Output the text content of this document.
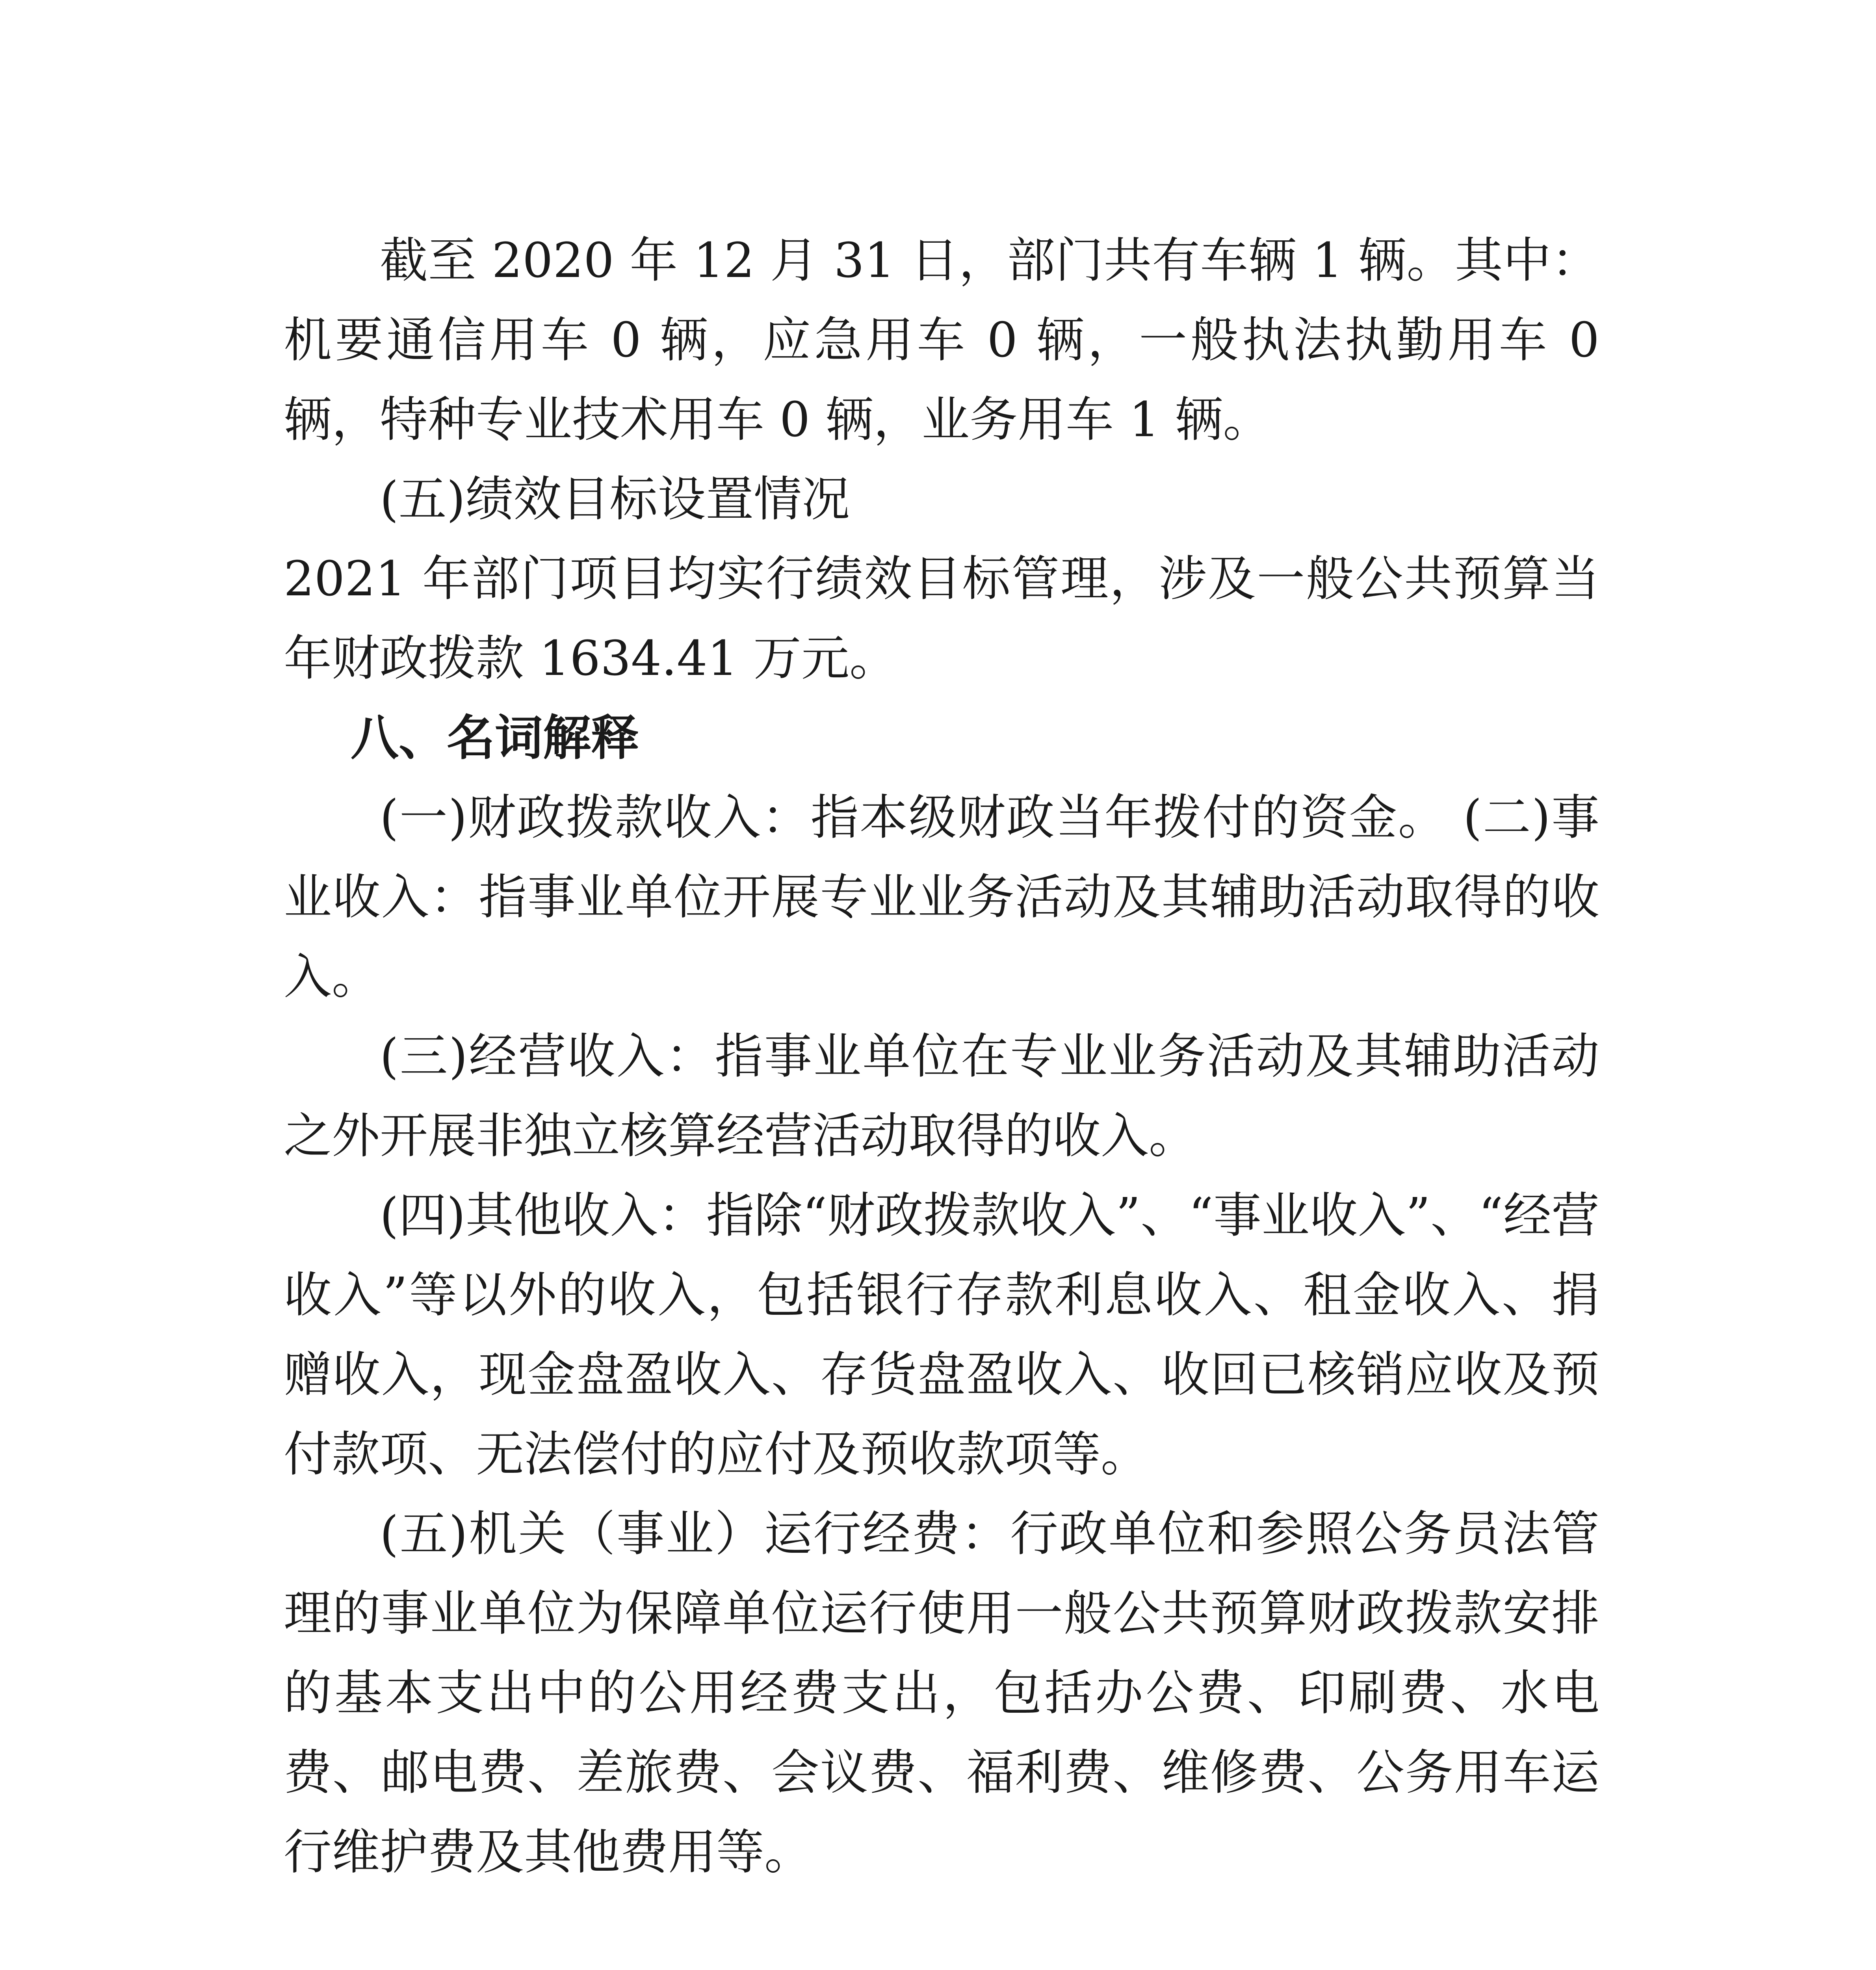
截至 2020 年 12 月 31 日，部门共有车辆 1 辆。其中：机要通信用车 0 辆，应急用车 0 辆，一般执法执勤用车 0 辆，特种专业技术用车 0 辆，业务用车 1 辆。

(五)绩效目标设置情况

2021 年部门项目均实行绩效目标管理，涉及一般公共预算当年财政拨款 1634.41 万元。

八、名词解释

(一)财政拨款收入：指本级财政当年拨付的资金。 (二)事业收入：指事业单位开展专业业务活动及其辅助活动取得的收入。

(三)经营收入：指事业单位在专业业务活动及其辅助活动之外开展非独立核算经营活动取得的收入。

(四)其他收入：指除“财政拨款收入”、“事业收入”、“经营收入”等以外的收入，包括银行存款利息收入、租金收入、捐赠收入，现金盘盈收入、存货盘盈收入、收回已核销应收及预付款项、无法偿付的应付及预收款项等。

(五)机关（事业）运行经费：行政单位和参照公务员法管理的事业单位为保障单位运行使用一般公共预算财政拨款安排的基本支出中的公用经费支出，包括办公费、印刷费、水电费、邮电费、差旅费、会议费、福利费、维修费、公务用车运行维护费及其他费用等。
